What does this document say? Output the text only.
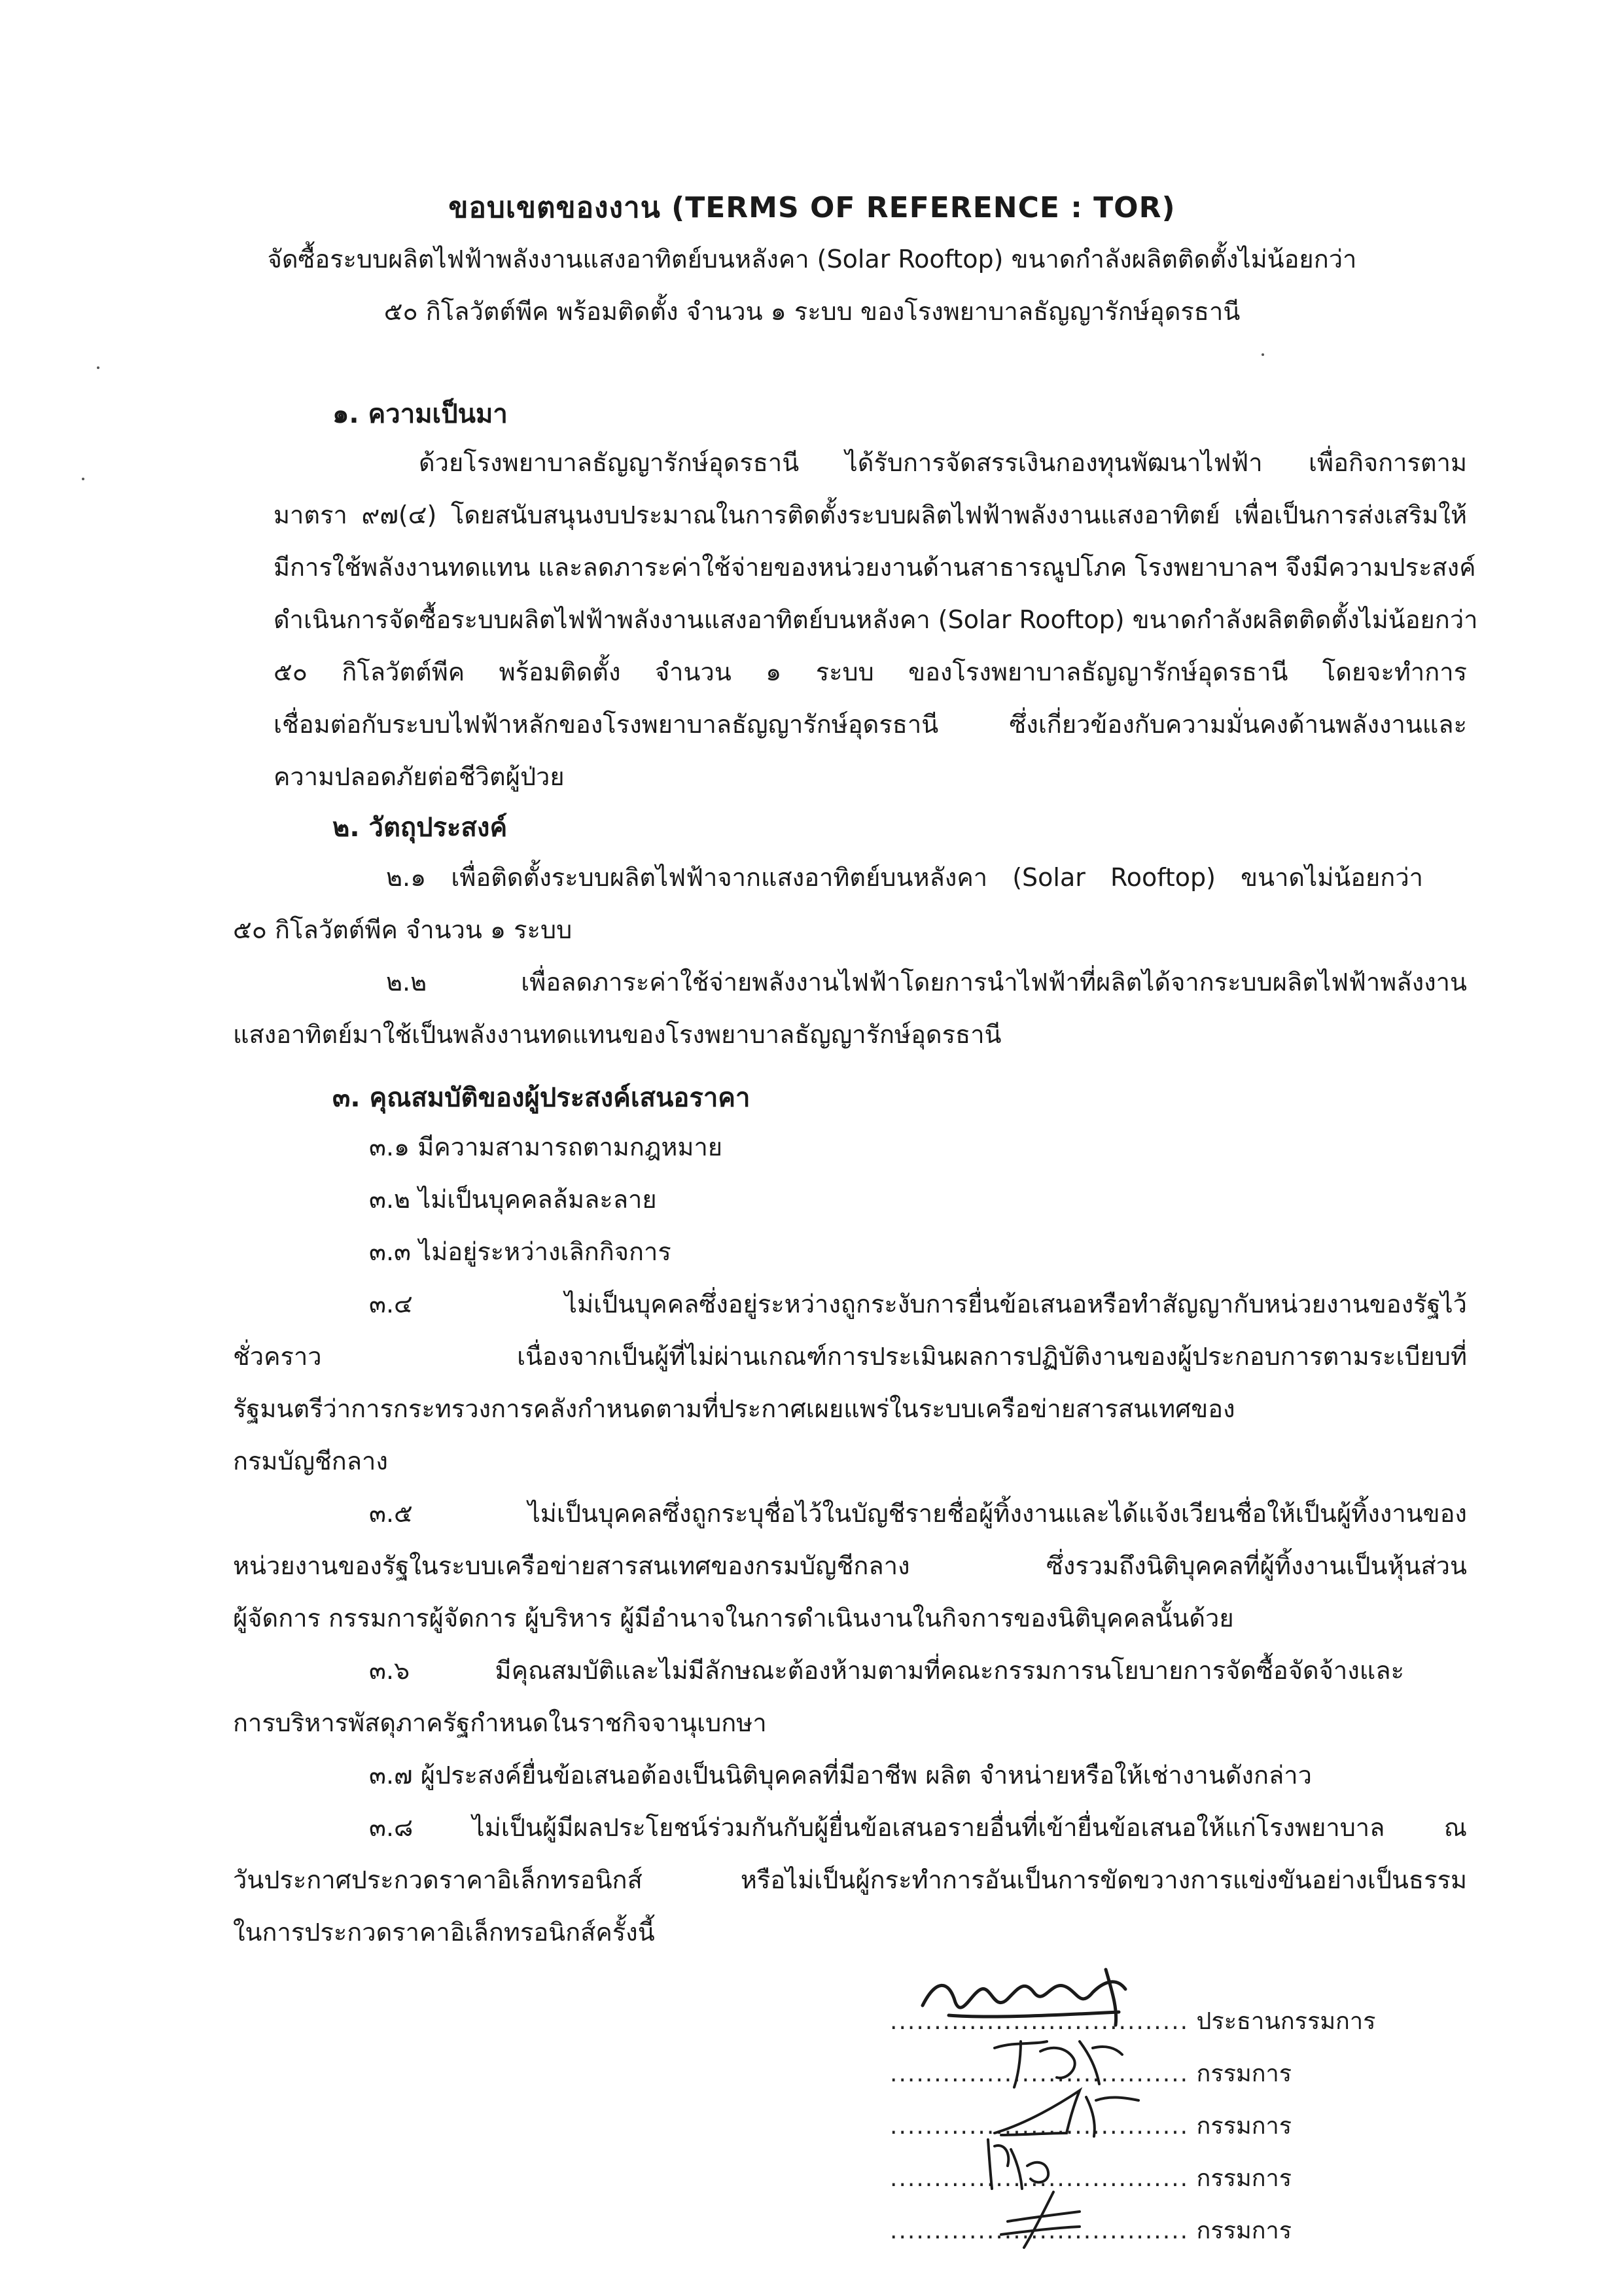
ขอบเขตของงาน (TERMS OF REFERENCE : TOR)
จัดซื้อระบบผลิตไฟฟ้าพลังงานแสงอาทิตย์บนหลังคา (Solar Rooftop) ขนาดกำลังผลิตติดตั้งไม่น้อยกว่า
๕๐ กิโลวัตต์พีค พร้อมติดตั้ง จำนวน ๑ ระบบ ของโรงพยาบาลธัญญารักษ์อุดรธานี
๑. ความเป็นมา
ด้วยโรงพยาบาลธัญญารักษ์อุดรธานี ได้รับการจัดสรรเงินกองทุนพัฒนาไฟฟ้า เพื่อกิจการตาม
มาตรา ๙๗(๔) โดยสนับสนุนงบประมาณในการติดตั้งระบบผลิตไฟฟ้าพลังงานแสงอาทิตย์ เพื่อเป็นการส่งเสริมให้
มีการใช้พลังงานทดแทน และลดภาระค่าใช้จ่ายของหน่วยงานด้านสาธารณูปโภค โรงพยาบาลฯ จึงมีความประสงค์
ดำเนินการจัดซื้อระบบผลิตไฟฟ้าพลังงานแสงอาทิตย์บนหลังคา (Solar Rooftop) ขนาดกำลังผลิตติดตั้งไม่น้อยกว่า
๕๐ กิโลวัตต์พีค พร้อมติดตั้ง จำนวน ๑ ระบบ ของโรงพยาบาลธัญญารักษ์อุดรธานี โดยจะทำการ
เชื่อมต่อกับระบบไฟฟ้าหลักของโรงพยาบาลธัญญารักษ์อุดรธานี ซึ่งเกี่ยวข้องกับความมั่นคงด้านพลังงานและ
ความปลอดภัยต่อชีวิตผู้ป่วย
๒. วัตถุประสงค์
๒.๑ เพื่อติดตั้งระบบผลิตไฟฟ้าจากแสงอาทิตย์บนหลังคา (Solar Rooftop) ขนาดไม่น้อยกว่า
๕๐ กิโลวัตต์พีค จำนวน ๑ ระบบ
๒.๒ เพื่อลดภาระค่าใช้จ่ายพลังงานไฟฟ้าโดยการนำไฟฟ้าที่ผลิตได้จากระบบผลิตไฟฟ้าพลังงาน
แสงอาทิตย์มาใช้เป็นพลังงานทดแทนของโรงพยาบาลธัญญารักษ์อุดรธานี
๓. คุณสมบัติของผู้ประสงค์เสนอราคา
๓.๑ มีความสามารถตามกฎหมาย
๓.๒ ไม่เป็นบุคคลล้มละลาย
๓.๓ ไม่อยู่ระหว่างเลิกกิจการ
๓.๔ ไม่เป็นบุคคลซึ่งอยู่ระหว่างถูกระงับการยื่นข้อเสนอหรือทำสัญญากับหน่วยงานของรัฐไว้
ชั่วคราว เนื่องจากเป็นผู้ที่ไม่ผ่านเกณฑ์การประเมินผลการปฏิบัติงานของผู้ประกอบการตามระเบียบที่
รัฐมนตรีว่าการกระทรวงการคลังกำหนดตามที่ประกาศเผยแพร่ในระบบเครือข่ายสารสนเทศของ
กรมบัญชีกลาง
๓.๕ ไม่เป็นบุคคลซึ่งถูกระบุชื่อไว้ในบัญชีรายชื่อผู้ทิ้งงานและได้แจ้งเวียนชื่อให้เป็นผู้ทิ้งงานของ
หน่วยงานของรัฐในระบบเครือข่ายสารสนเทศของกรมบัญชีกลาง ซึ่งรวมถึงนิติบุคคลที่ผู้ทิ้งงานเป็นหุ้นส่วน
ผู้จัดการ กรรมการผู้จัดการ ผู้บริหาร ผู้มีอำนาจในการดำเนินงานในกิจการของนิติบุคคลนั้นด้วย
๓.๖ มีคุณสมบัติและไม่มีลักษณะต้องห้ามตามที่คณะกรรมการนโยบายการจัดซื้อจัดจ้างและ
การบริหารพัสดุภาครัฐกำหนดในราชกิจจานุเบกษา
๓.๗ ผู้ประสงค์ยื่นข้อเสนอต้องเป็นนิติบุคคลที่มีอาชีพ ผลิต จำหน่ายหรือให้เช่างานดังกล่าว
๓.๘ ไม่เป็นผู้มีผลประโยชน์ร่วมกันกับผู้ยื่นข้อเสนอรายอื่นที่เข้ายื่นข้อเสนอให้แก่โรงพยาบาล ณ
วันประกาศประกวดราคาอิเล็กทรอนิกส์ หรือไม่เป็นผู้กระทำการอันเป็นการขัดขวางการแข่งขันอย่างเป็นธรรม
ในการประกวดราคาอิเล็กทรอนิกส์ครั้งนี้
.................................. ประธานกรรมการ
.................................. กรรมการ
.................................. กรรมการ
.................................. กรรมการ
.................................. กรรมการ
